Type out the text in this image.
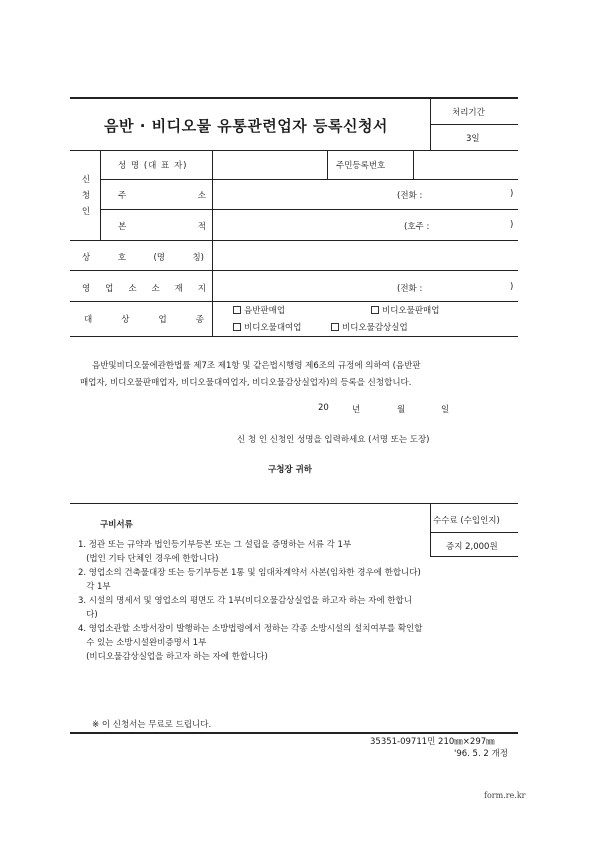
음반 · 비디오물 유통관련업자 등록신청서
처리기간
3일
신
청
인
성 명 (대 표 자)	주민등록번호
주	소	(전화 :	)
본	적	(호주 :	)
상	호	(명	칭)
영 업 소 소 재 지	(전화 :	)
대	상	업	종
음반판매업	비디오물판매업
비디오물대여업	비디오물감상실업
음반및비디오물에관한법률 제7조 제1항 및 같은법시행령 제6조의 규정에 의하여 (음반판
매업자, 비디오물판매업자, 비디오물대여업자, 비디오물감상실업자)의 등록을 신청합니다.
20	년	월	일
신 청 인 신청인 성명을 입력하세요 (서명 또는 도장)
구청장 귀하
구비서류	수수료 (수입인지)
증지 2,000원
1. 정관 또는 규약과 법인등기부등본 또는 그 설립을 증명하는 서류 각 1부
(법인 기타 단체인 경우에 한합니다)
2. 영업소의 건축물대장 또는 등기부등본 1통 및 임대차계약서 사본(임차한 경우에 한합니다)
각 1부
3. 시설의 명세서 및 영업소의 평면도 각 1부(비디오물감상실업을 하고자 하는 자에 한합니
다)
4. 영업소관할 소방서장이 발행하는 소방법령에서 정하는 각종 소방시설의 설치여부를 확인할
수 있는 소방시설완비증명서 1부
(비디오물감상실업을 하고자 하는 자에 한합니다)
※ 이 신청서는 무료로 드립니다.
35351-09711민 210㎜×297㎜
'96. 5. 2 개정
form.re.kr
